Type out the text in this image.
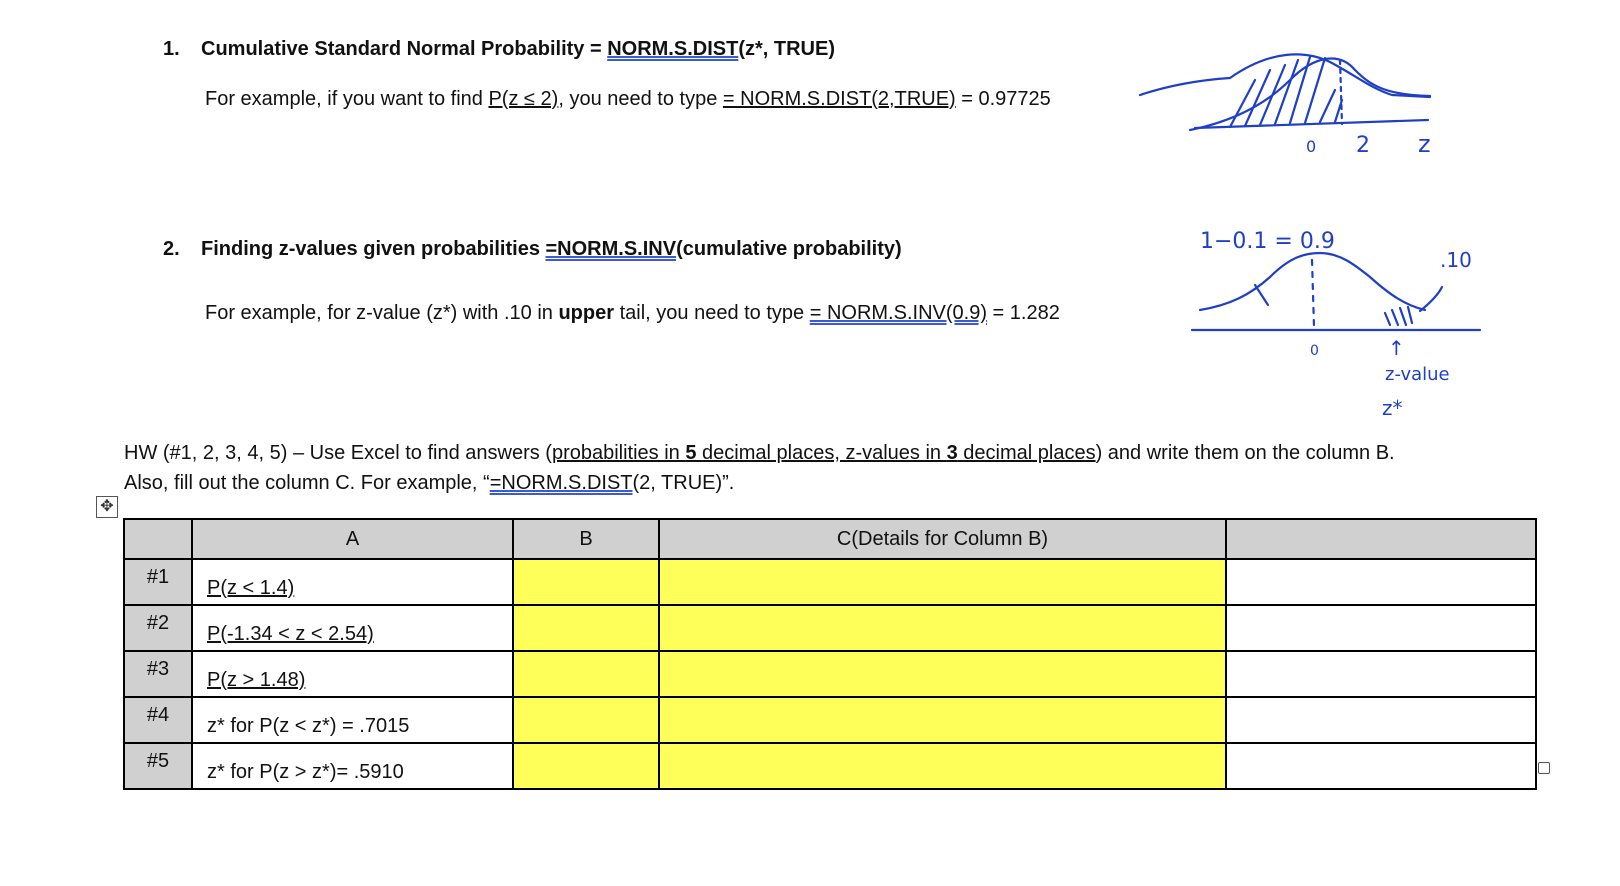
1. Cumulative Standard Normal Probability = NORM.S.DIST(z*, TRUE)
For example, if you want to find P(z ≤ 2), you need to type = NORM.S.DIST(2,TRUE) = 0.97725
0 2 z
2. Finding z-values given probabilities =NORM.S.INV(cumulative probability)
For example, for z-value (z*) with .10 in upper tail, you need to type = NORM.S.INV(0.9) = 1.282
1−0.1 = 0.9
.10
0	↑
z-value
z*
HW (#1, 2, 3, 4, 5) – Use Excel to find answers (probabilities in 5 decimal places, z-values in 3 decimal places) and write them on the column B.
Also, fill out the column C. For example, “=NORM.S.DIST(2, TRUE)”.
✥
	A	B	C(Details for Column B)	
#1	P(z < 1.4)			
#2	P(-1.34 < z < 2.54)			
#3	P(z > 1.48)			
#4	z* for P(z < z*) = .7015			
#5	z* for P(z > z*)= .5910			
